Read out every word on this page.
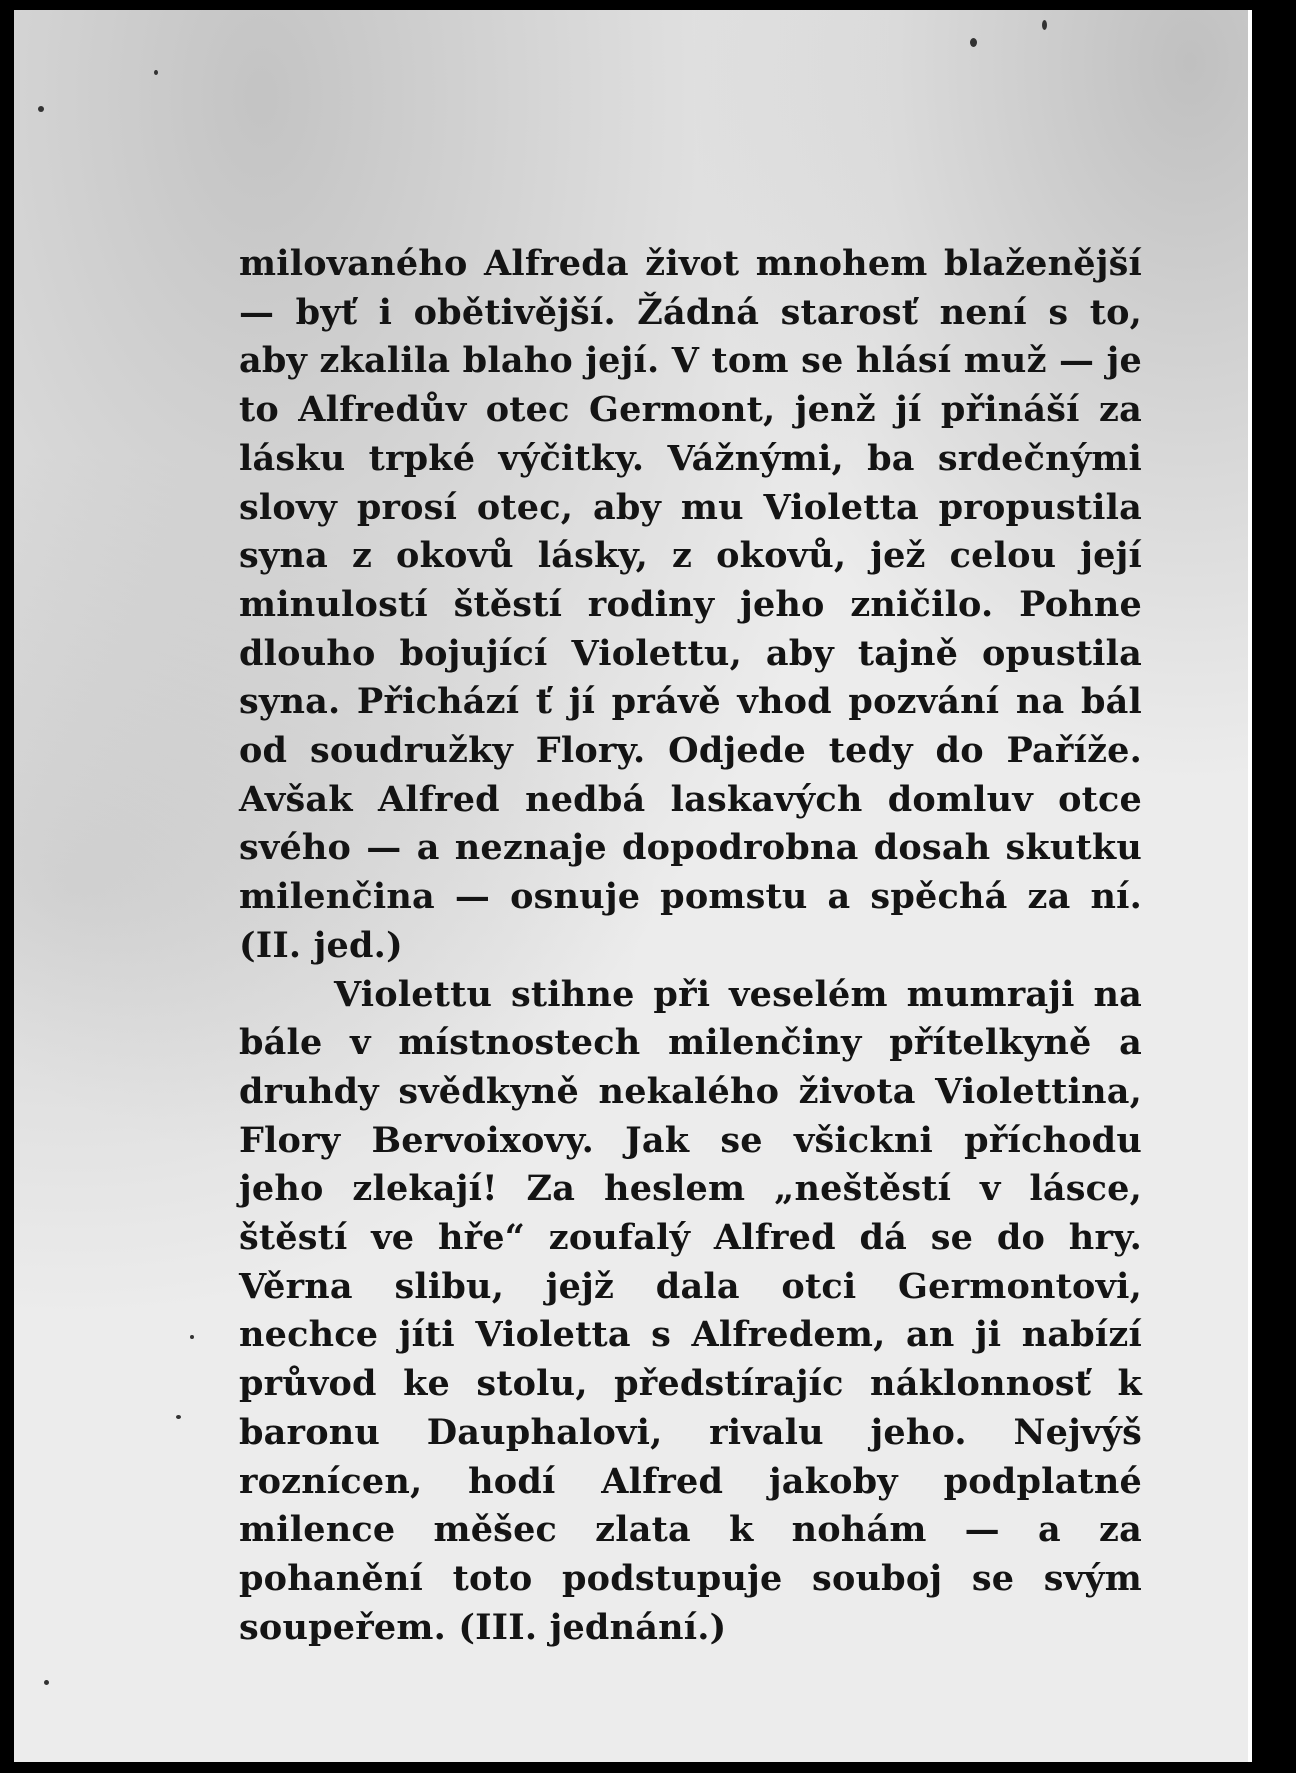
milovaného Alfreda život mnohem blaženější — byť i obětivější. Žádná starosť není s to, aby zkalila blaho její. V tom se hlásí muž — je to Alfredův otec Germont, jenž jí přináší za lásku trpké výčitky. Vážnými, ba srdečnými slovy prosí otec, aby mu Violetta propustila syna z okovů lásky, z okovů, jež celou její minulostí štěstí rodiny jeho zničilo. Pohne dlouho bojující Violettu, aby tajně opustila syna. Přichází ť jí právě vhod pozvání na bál od soudružky Flory. Odjede tedy do Paříže. Avšak Alfred nedbá laskavých domluv otce svého — a neznaje dopodrobna dosah skutku milenčina — osnuje pomstu a spěchá za ní. (II. jed.)

Violettu stihne při veselém mumraji na bále v místnostech milenčiny přítelkyně a druhdy svědkyně nekalého života Violettina, Flory Bervoixovy. Jak se všickni příchodu jeho zlekají! Za heslem „neštěstí v lásce, štěstí ve hře“ zoufalý Alfred dá se do hry. Věrna slibu, jejž dala otci Germontovi, nechce jíti Violetta s Alfredem, an ji nabízí průvod ke stolu, předstírajíc náklonnosť k baronu Dauphalovi, rivalu jeho. Nejvýš roznícen, hodí Alfred jakoby podplatné milence měšec zlata k nohám — a za pohanění toto podstupuje souboj se svým soupeřem. (III. jednání.)
